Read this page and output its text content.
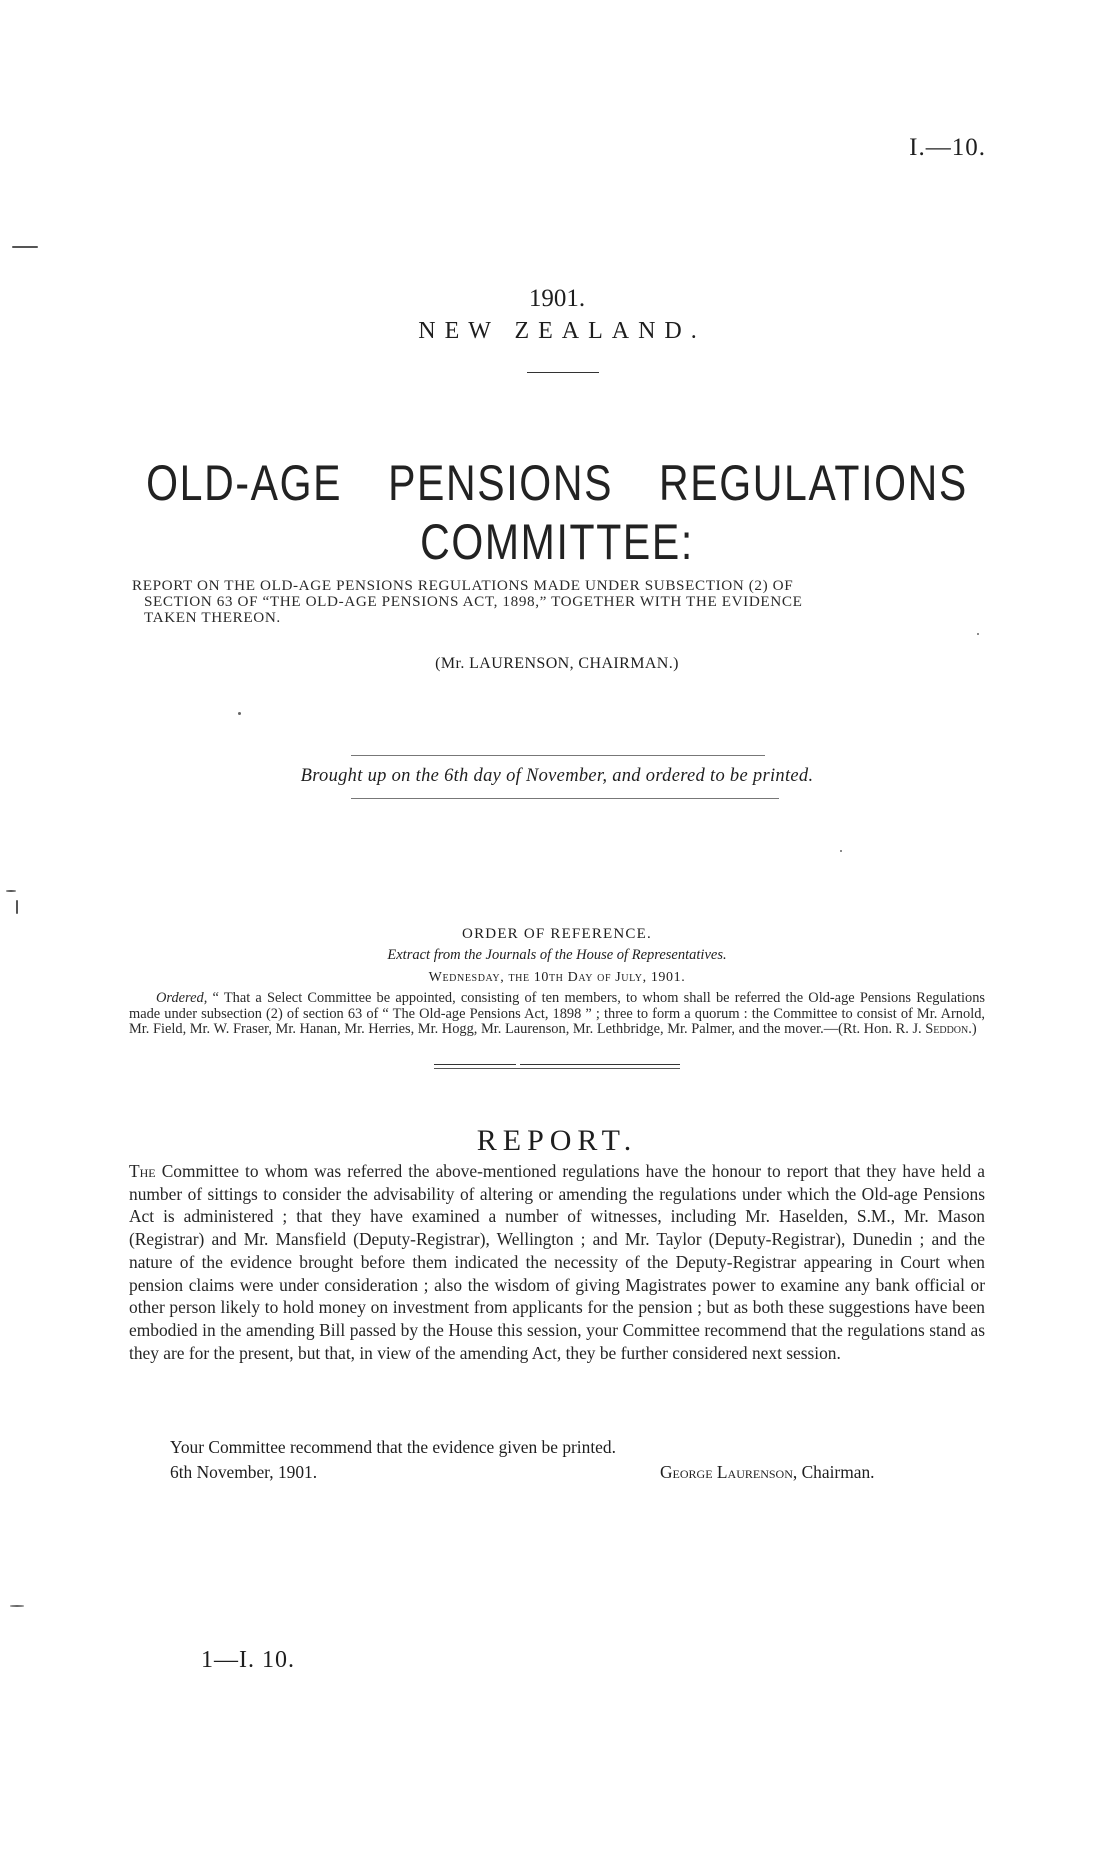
I.—10.
1901.
NEW ZEALAND.
OLD-AGE PENSIONS REGULATIONS
COMMITTEE:
REPORT ON THE OLD-AGE PENSIONS REGULATIONS MADE UNDER SUBSECTION (2) OF

SECTION 63 OF “THE OLD-AGE PENSIONS ACT, 1898,” TOGETHER WITH THE EVIDENCE
TAKEN THEREON.
(Mr. LAURENSON, CHAIRMAN.)
Brought up on the 6th day of November, and ordered to be printed.
ORDER OF REFERENCE.
Extract from the Journals of the House of Representatives.
Wednesday, the 10th Day of July, 1901.
Ordered, “ That a Select Committee be appointed, consisting of ten members, to whom shall be referred the Old-age Pensions Regulations made under subsection (2) of section 63 of “ The Old-age Pensions Act, 1898 ” ; three to form a quorum : the Committee to consist of Mr. Arnold, Mr. Field, Mr. W. Fraser, Mr. Hanan, Mr. Herries, Mr. Hogg, Mr. Laurenson, Mr. Lethbridge, Mr. Palmer, and the mover.—(Rt. Hon. R. J. Seddon.)
REPORT.
The Committee to whom was referred the above-mentioned regulations have the honour to report that they have held a number of sittings to consider the advisability of altering or amending the regulations under which the Old-age Pensions Act is administered ; that they have examined a number of witnesses, including Mr. Haselden, S.M., Mr. Mason (Registrar) and Mr. Mansfield (Deputy-Registrar), Wellington ; and Mr. Taylor (Deputy-Registrar), Dunedin ; and the nature of the evidence brought before them indicated the necessity of the Deputy-Registrar appearing in Court when pension claims were under consideration ; also the wisdom of giving Magistrates power to examine any bank official or other person likely to hold money on investment from applicants for the pension ; but as both these suggestions have been embodied in the amending Bill passed by the House this session, your Committee recommend that the regulations stand as they are for the present, but that, in view of the amending Act, they be further considered next session.
Your Committee recommend that the evidence given be printed.
6th November, 1901.	George Laurenson, Chairman.
1—I. 10.
